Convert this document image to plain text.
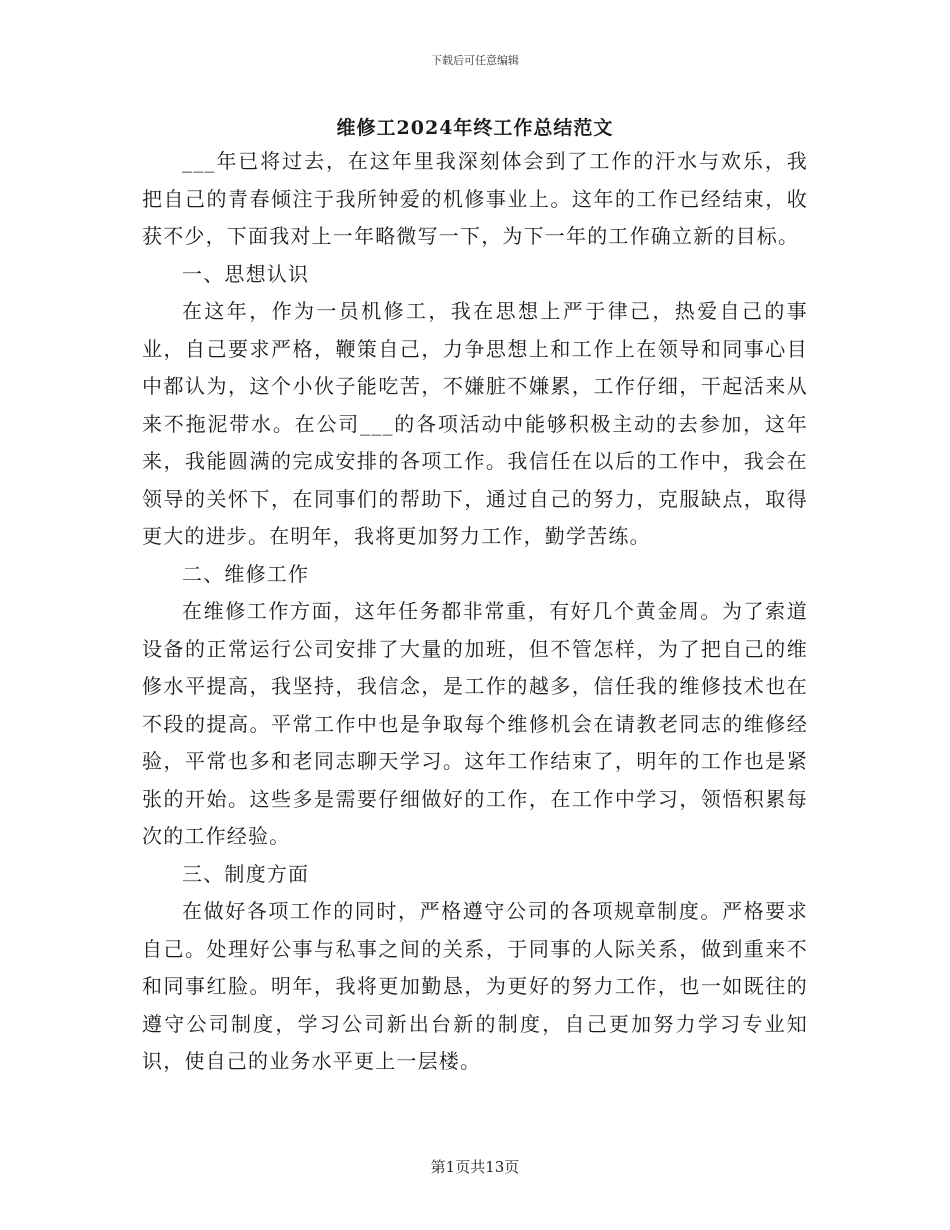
下载后可任意编辑
维修工2024年终工作总结范文

___年已将过去，在这年里我深刻体会到了工作的汗水与欢乐，我把自己的青春倾注于我所钟爱的机修事业上。这年的工作已经结束，收获不少，下面我对上一年略微写一下，为下一年的工作确立新的目标。

一、思想认识

在这年，作为一员机修工，我在思想上严于律己，热爱自己的事业，自己要求严格，鞭策自己，力争思想上和工作上在领导和同事心目中都认为，这个小伙子能吃苦，不嫌脏不嫌累，工作仔细，干起活来从来不拖泥带水。在公司___的各项活动中能够积极主动的去参加，这年来，我能圆满的完成安排的各项工作。我信任在以后的工作中，我会在领导的关怀下，在同事们的帮助下，通过自己的努力，克服缺点，取得更大的进步。在明年，我将更加努力工作，勤学苦练。

二、维修工作

在维修工作方面，这年任务都非常重，有好几个黄金周。为了索道设备的正常运行公司安排了大量的加班，但不管怎样，为了把自己的维修水平提高，我坚持，我信念，是工作的越多，信任我的维修技术也在不段的提高。平常工作中也是争取每个维修机会在请教老同志的维修经验，平常也多和老同志聊天学习。这年工作结束了，明年的工作也是紧张的开始。这些多是需要仔细做好的工作，在工作中学习，领悟积累每次的工作经验。

三、制度方面

在做好各项工作的同时，严格遵守公司的各项规章制度。严格要求自己。处理好公事与私事之间的关系，于同事的人际关系，做到重来不和同事红脸。明年，我将更加勤恳，为更好的努力工作，也一如既往的遵守公司制度，学习公司新出台新的制度，自己更加努力学习专业知识，使自己的业务水平更上一层楼。

第1页共13页
